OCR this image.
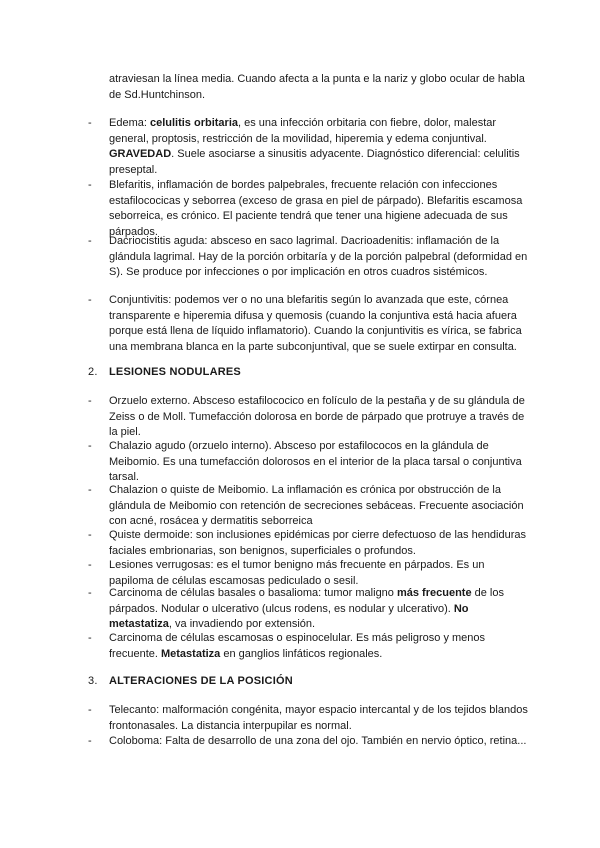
atraviesan la línea media. Cuando afecta a la punta e la nariz y globo ocular de habla de Sd.Huntchinson.
- Edema: celulitis orbitaria, es una infección orbitaria con fiebre, dolor, malestar general, proptosis, restricción de la movilidad, hiperemia y edema conjuntival. GRAVEDAD. Suele asociarse a sinusitis adyacente. Diagnóstico diferencial: celulitis preseptal.
- Blefaritis, inflamación de bordes palpebrales, frecuente relación con infecciones estafilococicas y seborrea (exceso de grasa en piel de párpado). Blefaritis escamosa seborreica, es crónico. El paciente tendrá que tener una higiene adecuada de sus párpados.
- Dacriocistitis aguda: absceso en saco lagrimal. Dacrioadenitis: inflamación de la glándula lagrimal. Hay de la porción orbitaría y de la porción palpebral (deformidad en S). Se produce por infecciones o por implicación en otros cuadros sistémicos.
- Conjuntivitis: podemos ver o no una blefaritis según lo avanzada que este, córnea transparente e hiperemia difusa y quemosis (cuando la conjuntiva está hacia afuera porque está llena de líquido inflamatorio). Cuando la conjuntivitis es vírica, se fabrica una membrana blanca en la parte subconjuntival, que se suele extirpar en consulta.
2. LESIONES NODULARES
- Orzuelo externo. Absceso estafilococico en folículo de la pestaña y de su glándula de Zeiss o de Moll. Tumefacción dolorosa en borde de párpado que protruye a través de la piel.
- Chalazio agudo (orzuelo interno). Absceso por estafilococos en la glándula de Meibomio. Es una tumefacción dolorosos en el interior de la placa tarsal o conjuntiva tarsal.
- Chalazion o quiste de Meibomio. La inflamación es crónica por obstrucción de la glándula de Meibomio con retención de secreciones sebáceas. Frecuente asociación con acné, rosácea y dermatitis seborreica
- Quiste dermoide: son inclusiones epidémicas por cierre defectuoso de las hendiduras faciales embrionarias, son benignos, superficiales o profundos.
- Lesiones verrugosas: es el tumor benigno más frecuente en párpados. Es un papiloma de células escamosas pediculado o sesil.
- Carcinoma de células basales o basalioma: tumor maligno más frecuente de los párpados. Nodular o ulcerativo (ulcus rodens, es nodular y ulcerativo). No metastatiza, va invadiendo por extensión.
- Carcinoma de células escamosas o espinocelular. Es más peligroso y menos frecuente. Metastatiza en ganglios linfáticos regionales.
3. ALTERACIONES DE LA POSICIÓN
- Telecanto: malformación congénita, mayor espacio intercantal y de los tejidos blandos frontonasales. La distancia interpupilar es normal.
- Coloboma: Falta de desarrollo de una zona del ojo. También en nervio óptico, retina...
